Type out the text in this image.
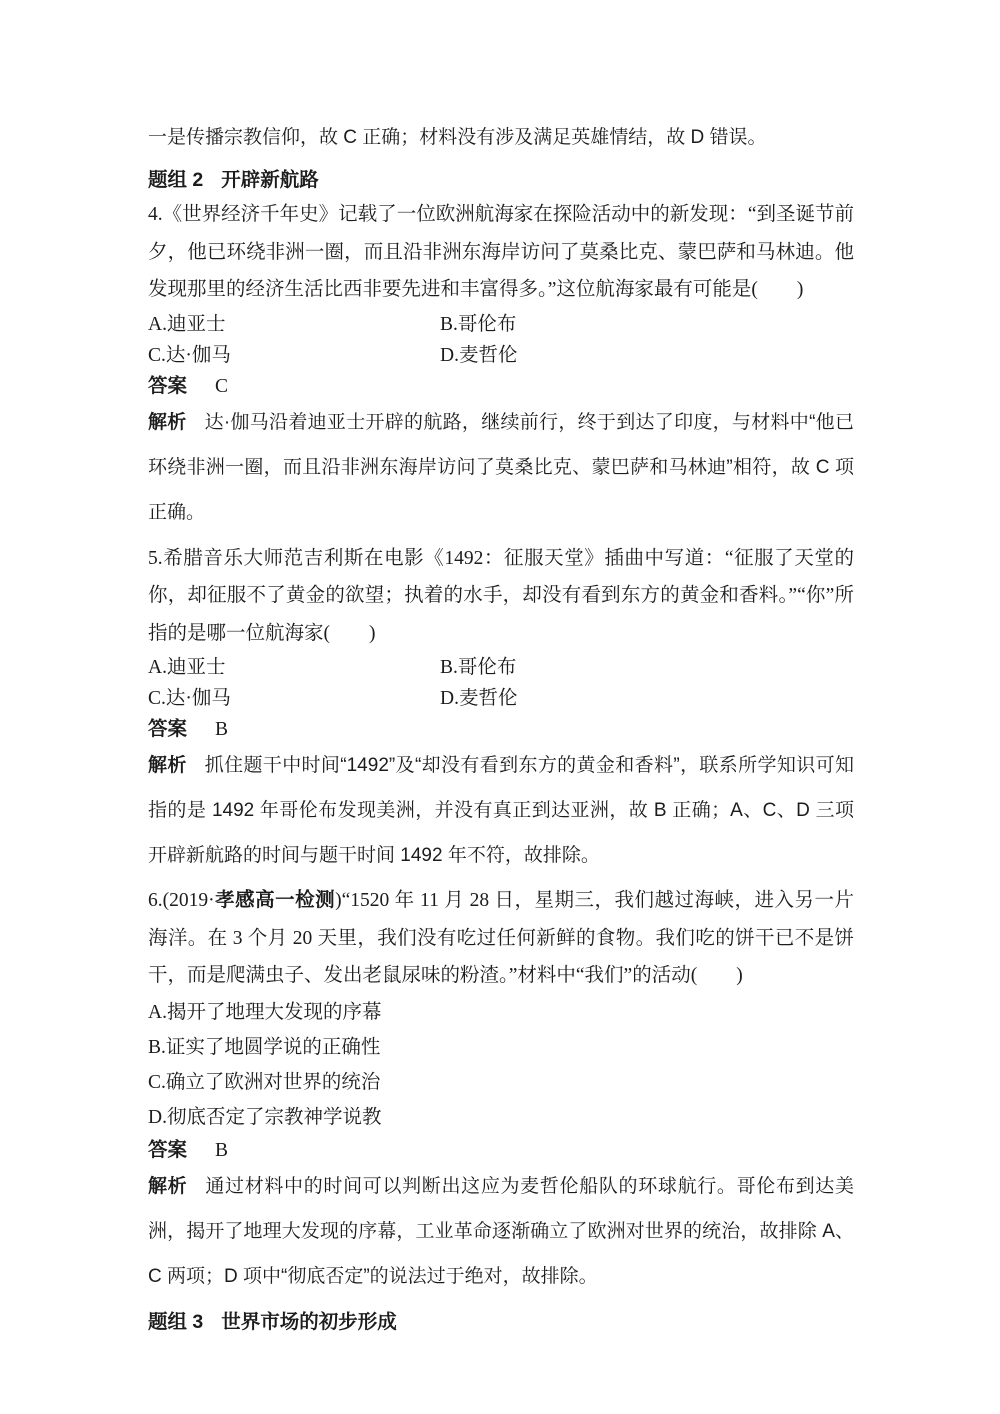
一是传播宗教信仰，故 C 正确；材料没有涉及满足英雄情结，故 D 错误。

题组 2 开辟新航路

4.《世界经济千年史》记载了一位欧洲航海家在探险活动中的新发现：“到圣诞节前夕，他已环绕非洲一圈，而且沿非洲东海岸访问了莫桑比克、蒙巴萨和马林迪。他发现那里的经济生活比西非要先进和丰富得多。”这位航海家最有可能是(　　)

A.迪亚士	B.哥伦布
C.达·伽马	D.麦哲伦

答案 C

解析 达·伽马沿着迪亚士开辟的航路，继续前行，终于到达了印度，与材料中“他已环绕非洲一圈，而且沿非洲东海岸访问了莫桑比克、蒙巴萨和马林迪”相符，故 C 项正确。

5.希腊音乐大师范吉利斯在电影《1492：征服天堂》插曲中写道：“征服了天堂的你，却征服不了黄金的欲望；执着的水手，却没有看到东方的黄金和香料。”“你”所指的是哪一位航海家(　　)

A.迪亚士	B.哥伦布
C.达·伽马	D.麦哲伦

答案 B

解析 抓住题干中时间“1492”及“却没有看到东方的黄金和香料”，联系所学知识可知指的是 1492 年哥伦布发现美洲，并没有真正到达亚洲，故 B 正确；A、C、D 三项开辟新航路的时间与题干时间 1492 年不符，故排除。

6.(2019·孝感高一检测)“1520 年 11 月 28 日，星期三，我们越过海峡，进入另一片海洋。在 3 个月 20 天里，我们没有吃过任何新鲜的食物。我们吃的饼干已不是饼干，而是爬满虫子、发出老鼠尿味的粉渣。”材料中“我们”的活动(　　)

A.揭开了地理大发现的序幕
B.证实了地圆学说的正确性
C.确立了欧洲对世界的统治
D.彻底否定了宗教神学说教

答案 B

解析 通过材料中的时间可以判断出这应为麦哲伦船队的环球航行。哥伦布到达美洲，揭开了地理大发现的序幕，工业革命逐渐确立了欧洲对世界的统治，故排除 A、C 两项；D 项中“彻底否定”的说法过于绝对，故排除。

题组 3 世界市场的初步形成
